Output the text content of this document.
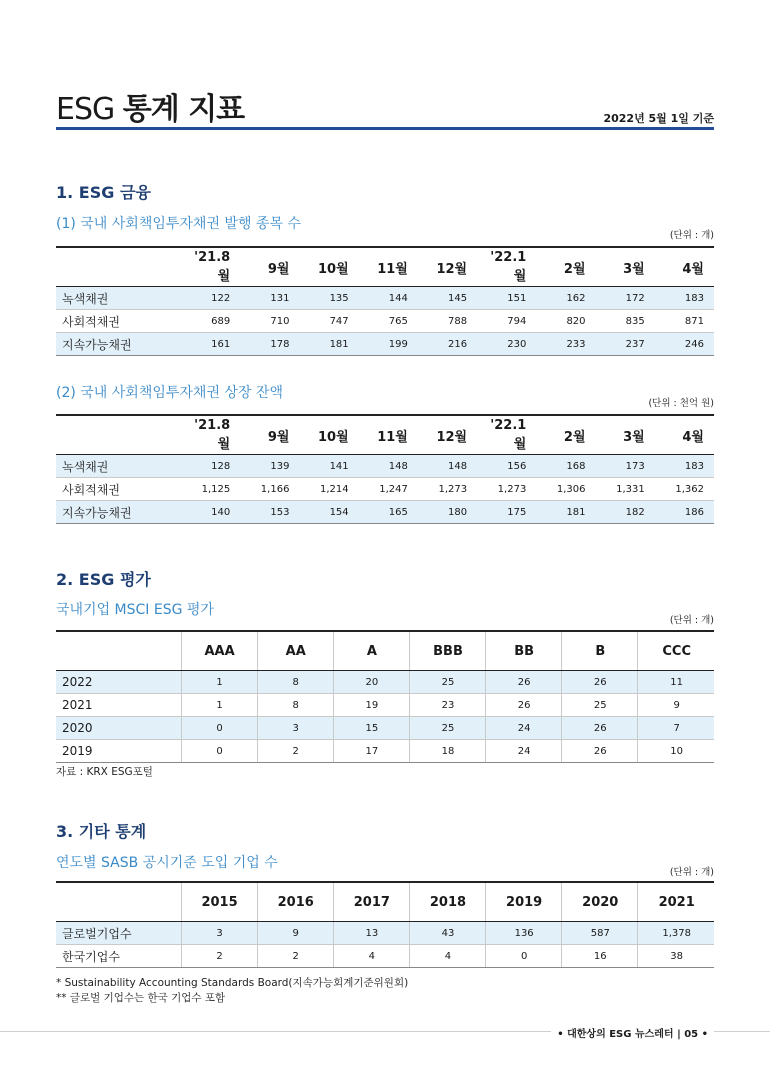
ESG 통계 지표	2022년 5월 1일 기준
1. ESG 금융
(1) 국내 사회책임투자채권 발행 종목 수
(단위 : 개)
	'21.8월	9월	10월	11월	12월	'22.1월	2월	3월	4월
녹색채권	122	131	135	144	145	151	162	172	183
사회적채권	689	710	747	765	788	794	820	835	871
지속가능채권	161	178	181	199	216	230	233	237	246
(2) 국내 사회책임투자채권 상장 잔액
(단위 : 천억 원)
	'21.8월	9월	10월	11월	12월	'22.1월	2월	3월	4월
녹색채권	128	139	141	148	148	156	168	173	183
사회적채권	1,125	1,166	1,214	1,247	1,273	1,273	1,306	1,331	1,362
지속가능채권	140	153	154	165	180	175	181	182	186
2. ESG 평가
국내기업 MSCI ESG 평가
(단위 : 개)
	AAA	AA	A	BBB	BB	B	CCC
2022	1	8	20	25	26	26	11
2021	1	8	19	23	26	25	9
2020	0	3	15	25	24	26	7
2019	0	2	17	18	24	26	10
자료 : KRX ESG포털
3. 기타 통계
연도별 SASB 공시기준 도입 기업 수
(단위 : 개)
	2015	2016	2017	2018	2019	2020	2021
글로벌기업수	3	9	13	43	136	587	1,378
한국기업수	2	2	4	4	0	16	38
* Sustainability Accounting Standards Board(지속가능회계기준위원회)
** 글로벌 기업수는 한국 기업수 포함
• 대한상의 ESG 뉴스레터 | 05 •
